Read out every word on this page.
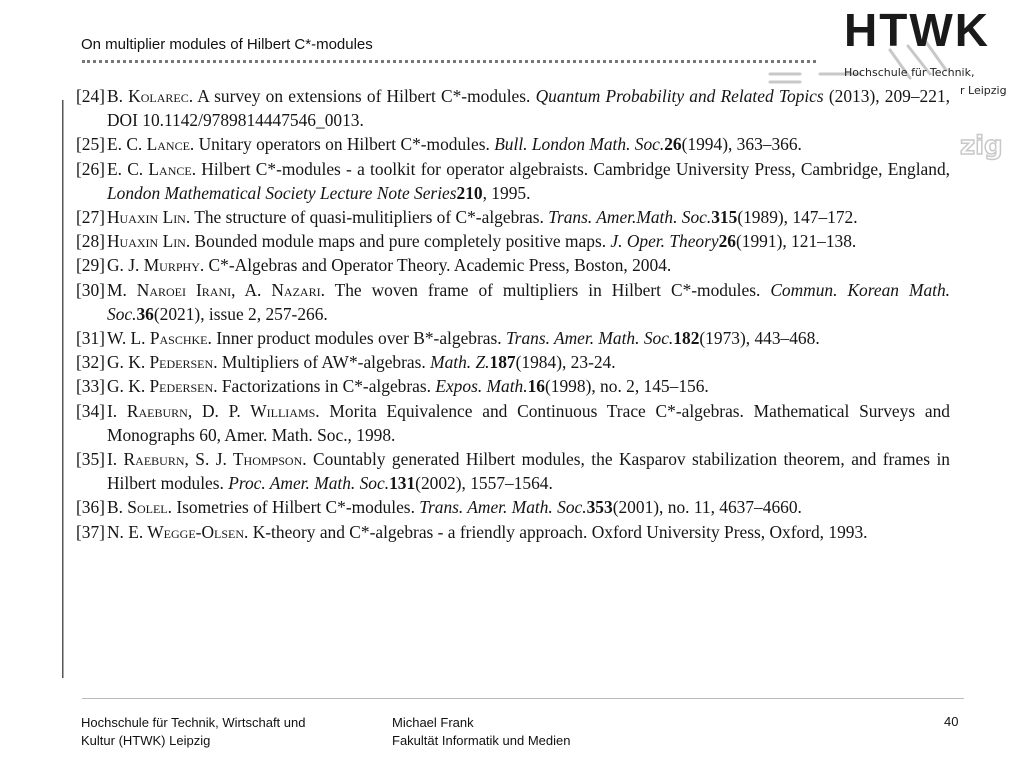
On multiplier modules of Hilbert C*-modules
zig
HTWK
Hochschule für Technik,
r Leipzig
[24] B. Kolarec. A survey on extensions of Hilbert C*-modules. Quantum Probability and Related Topics (2013), 209–221, DOI 10.1142/9789814447546_0013.
[25] E. C. Lance. Unitary operators on Hilbert C*-modules. Bull. London Math. Soc.26(1994), 363–366.
[26] E. C. Lance. Hilbert C*-modules - a toolkit for operator algebraists. Cambridge University Press, Cambridge, England, London Mathematical Society Lecture Note Series210, 1995.
[27] Huaxin Lin. The structure of quasi-mulitipliers of C*-algebras. Trans. Amer.Math. Soc.315(1989), 147–172.
[28] Huaxin Lin. Bounded module maps and pure completely positive maps. J. Oper. Theory26(1991), 121–138.
[29] G. J. Murphy. C*-Algebras and Operator Theory. Academic Press, Boston, 2004.
[30] M. Naroei Irani, A. Nazari. The woven frame of multipliers in Hilbert C*-modules. Commun. Korean Math. Soc.36(2021), issue 2, 257-266.
[31] W. L. Paschke. Inner product modules over B*-algebras. Trans. Amer. Math. Soc.182(1973), 443–468.
[32] G. K. Pedersen. Multipliers of AW*-algebras. Math. Z.187(1984), 23-24.
[33] G. K. Pedersen. Factorizations in C*-algebras. Expos. Math.16(1998), no. 2, 145–156.
[34] I. Raeburn, D. P. Williams. Morita Equivalence and Continuous Trace C*-algebras. Mathematical Surveys and Monographs 60, Amer. Math. Soc., 1998.
[35] I. Raeburn, S. J. Thompson. Countably generated Hilbert modules, the Kasparov stabilization theorem, and frames in Hilbert modules. Proc. Amer. Math. Soc.131(2002), 1557–1564.
[36] B. Solel. Isometries of Hilbert C*-modules. Trans. Amer. Math. Soc.353(2001), no. 11, 4637–4660.
[37] N. E. Wegge-Olsen. K-theory and C*-algebras - a friendly approach. Oxford University Press, Oxford, 1993.
Hochschule für Technik, Wirtschaft und
Kultur (HTWK) Leipzig
Michael Frank
Fakultät Informatik und Medien
40
